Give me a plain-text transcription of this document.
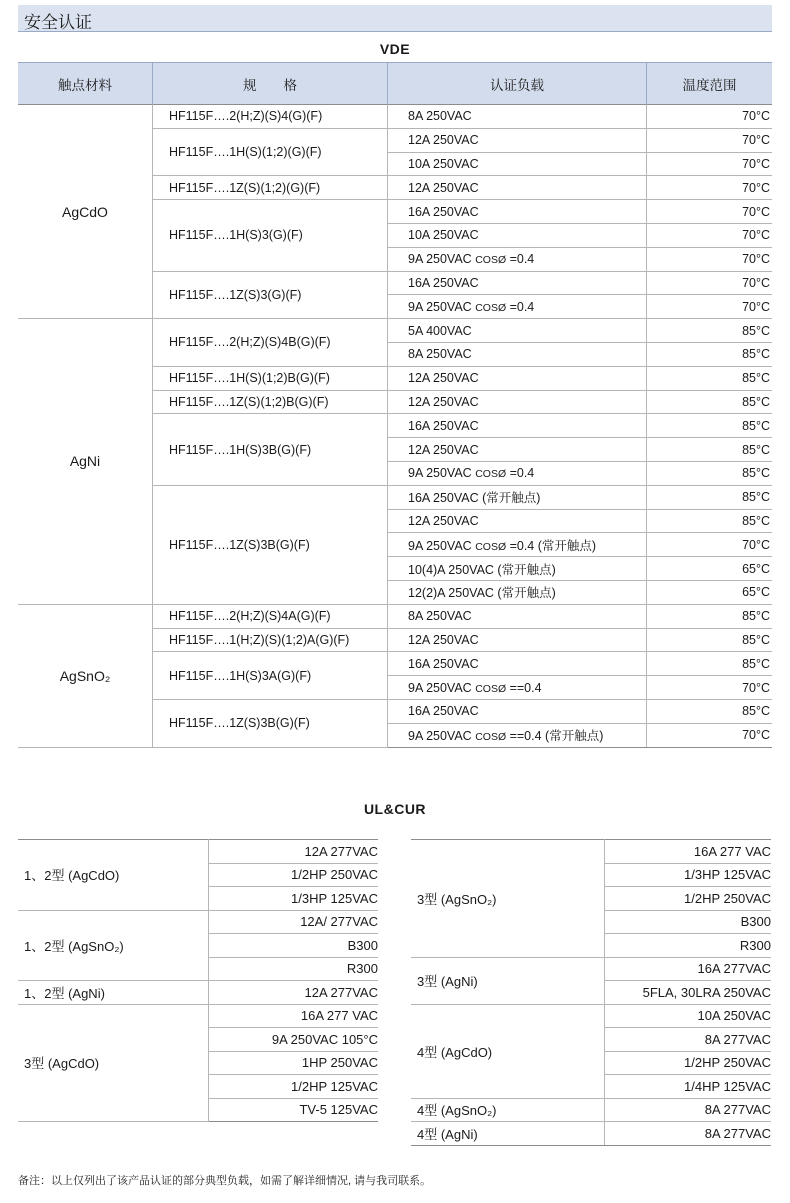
安全认证
VDE
触点材料	规　　格	认证负载	温度范围
AgCdO	HF115F….2(H;Z)(S)4(G)(F)	8A 250VAC	70°C
	HF115F….1H(S)(1;2)(G)(F)	12A 250VAC	70°C
		10A 250VAC	70°C
	HF115F….1Z(S)(1;2)(G)(F)	12A 250VAC	70°C
	HF115F….1H(S)3(G)(F)	16A 250VAC	70°C
		10A 250VAC	70°C
		9A 250VAC COSØ =0.4	70°C
	HF115F….1Z(S)3(G)(F)	16A 250VAC	70°C
		9A 250VAC COSØ =0.4	70°C
AgNi	HF115F….2(H;Z)(S)4B(G)(F)	5A 400VAC	85°C
		8A 250VAC	85°C
	HF115F….1H(S)(1;2)B(G)(F)	12A 250VAC	85°C
	HF115F….1Z(S)(1;2)B(G)(F)	12A 250VAC	85°C
	HF115F….1H(S)3B(G)(F)	16A 250VAC	85°C
		12A 250VAC	85°C
		9A 250VAC COSØ =0.4	85°C
	HF115F….1Z(S)3B(G)(F)	16A 250VAC (常开触点)	85°C
		12A 250VAC	85°C
		9A 250VAC COSØ =0.4 (常开触点)	70°C
		10(4)A 250VAC (常开触点)	65°C
		12(2)A 250VAC (常开触点)	65°C
AgSnO₂	HF115F….2(H;Z)(S)4A(G)(F)	8A 250VAC	85°C
	HF115F….1(H;Z)(S)(1;2)A(G)(F)	12A 250VAC	85°C
	HF115F….1H(S)3A(G)(F)	16A 250VAC	85°C
		9A 250VAC COSØ ==0.4	70°C
	HF115F….1Z(S)3B(G)(F)	16A 250VAC	85°C
		9A 250VAC COSØ ==0.4 (常开触点)	70°C
UL&CUR
1、2型 (AgCdO)	12A 277VAC
	1/2HP 250VAC
	1/3HP 125VAC
1、2型 (AgSnO₂)	12A/ 277VAC
	B300
	R300
1、2型 (AgNi)	12A 277VAC
3型 (AgCdO)	16A 277 VAC
	9A 250VAC 105°C
	1HP 250VAC
	1/2HP 125VAC
	TV-5 125VAC
3型 (AgSnO₂)	16A 277 VAC
	1/3HP 125VAC
	1/2HP 250VAC
	B300
	R300
3型 (AgNi)	16A 277VAC
	5FLA, 30LRA 250VAC
4型 (AgCdO)	10A 250VAC
	8A 277VAC
	1/2HP 250VAC
	1/4HP 125VAC
4型 (AgSnO₂)	8A 277VAC
4型 (AgNi)	8A 277VAC
备注：以上仅列出了该产品认证的部分典型负载，如需了解详细情况, 请与我司联系。
